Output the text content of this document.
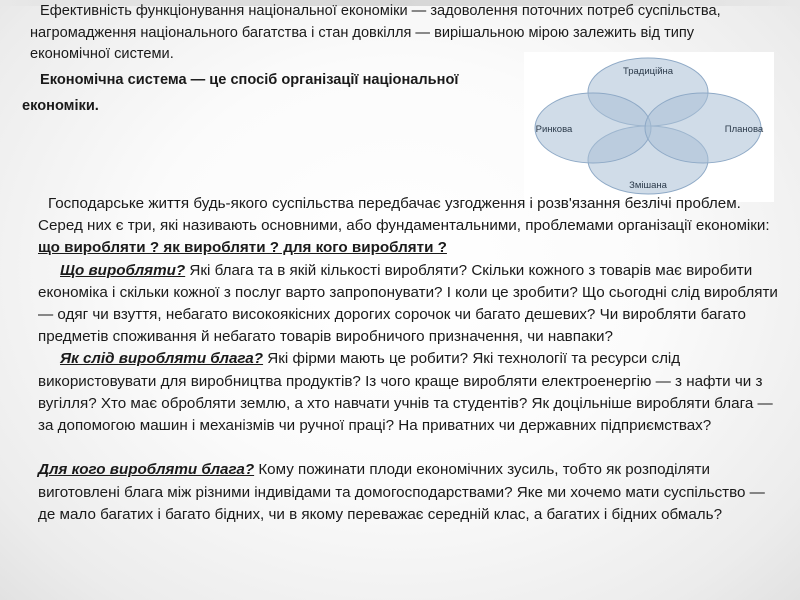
Ефективність функціонування національної економіки — задоволення поточних потреб суспільства, нагромадження національного багатства і стан довкілля — вирішальною мірою залежить від типу економічної системи.

Економічна система — це спосіб організації національної

економіки.

Традиційна
Ринкова	Планова
Змішана
Господарське життя будь-якого суспільства передбачає узгодження і розв'язання безлічі проблем. Серед них є три, які називають основними, або фундаментальними, проблемами організації економіки: що виробляти ? як виробляти ? для кого виробляти ?
Що виробляти? Які блага та в якій кількості виробляти? Скільки кожного з товарів має виробити економіка і скільки кожної з послуг варто запропонувати? І коли це зробити? Що сьогодні слід виробляти — одяг чи взуття, небагато високоякісних дорогих сорочок чи багато дешевих? Чи виробляти багато предметів споживання й небагато товарів виробничого призначення, чи навпаки?
Як слід виробляти блага? Які фірми мають це робити? Які технології та ресурси слід використовувати для виробництва продуктів? Із чого краще виробляти електроенергію — з нафти чи з вугілля? Хто має обробляти землю, а хто навчати учнів та студентів? Як доцільніше виробляти блага — за допомогою машин і механізмів чи ручної праці? На приватних чи державних підприємствах?

Для кого виробляти блага? Кому пожинати плоди економічних зусиль, тобто як розподіляти виготовлені блага між різними індивідами та домогосподарствами? Яке ми хочемо мати суспільство — де мало багатих і багато бідних, чи в якому переважає середній клас, а багатих і бідних обмаль?
